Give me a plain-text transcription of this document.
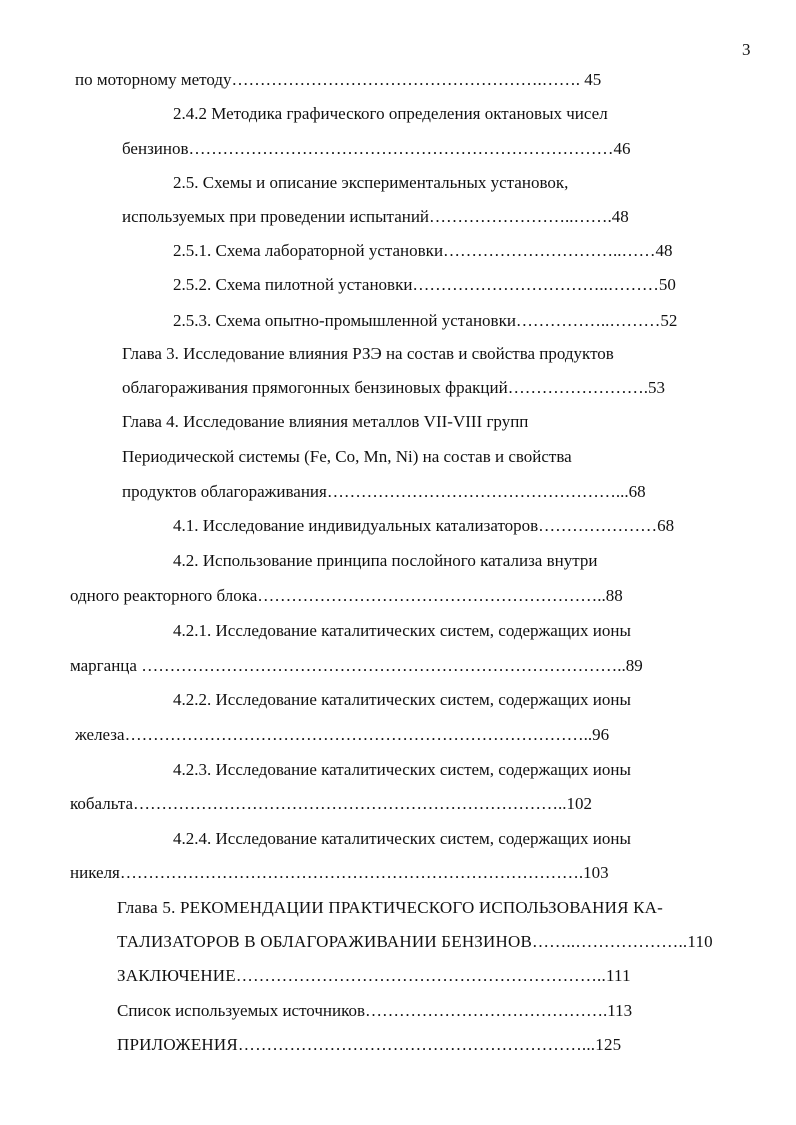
3
по моторному методу……………………………………………….……. 45
2.4.2 Методика графического определения октановых чисел
бензинов…………………………………………………………………46
2.5. Схемы и описание экспериментальных установок,
используемых при проведении испытаний……………………..…….48
2.5.1. Схема лабораторной установки…………………………..……48
2.5.2. Схема пилотной установки……………………………..………50
2.5.3. Схема опытно-промышленной установки……………..………52
Глава 3. Исследование влияния РЗЭ на состав и свойства продуктов
облагораживания прямогонных бензиновых фракций…………………….53
Глава 4. Исследование влияния металлов VII-VIII групп
Периодической системы (Fe, Co, Mn, Ni) на состав и свойства
продуктов облагораживания……………………………………………...68
4.1. Исследование индивидуальных катализаторов…………………68
4.2. Использование принципа послойного катализа внутри
одного реакторного блока……………………………………………………..88
4.2.1. Исследование каталитических систем, содержащих ионы
марганца …………………………………………………………………………..89
4.2.2. Исследование каталитических систем, содержащих ионы
железа………………………………………………………………………..96
4.2.3. Исследование каталитических систем, содержащих ионы
кобальта…………………………………………………………………..102
4.2.4. Исследование каталитических систем, содержащих ионы
никеля……………………………………………………………………….103
Глава 5. РЕКОМЕНДАЦИИ ПРАКТИЧЕСКОГО ИСПОЛЬЗОВАНИЯ КА-
ТАЛИЗАТОРОВ В ОБЛАГОРАЖИВАНИИ БЕНЗИНОВ……..………………..110
ЗАКЛЮЧЕНИЕ………………………………………………………..111
Список используемых источников…………………………………….113
ПРИЛОЖЕНИЯ……………………………………………………...125
